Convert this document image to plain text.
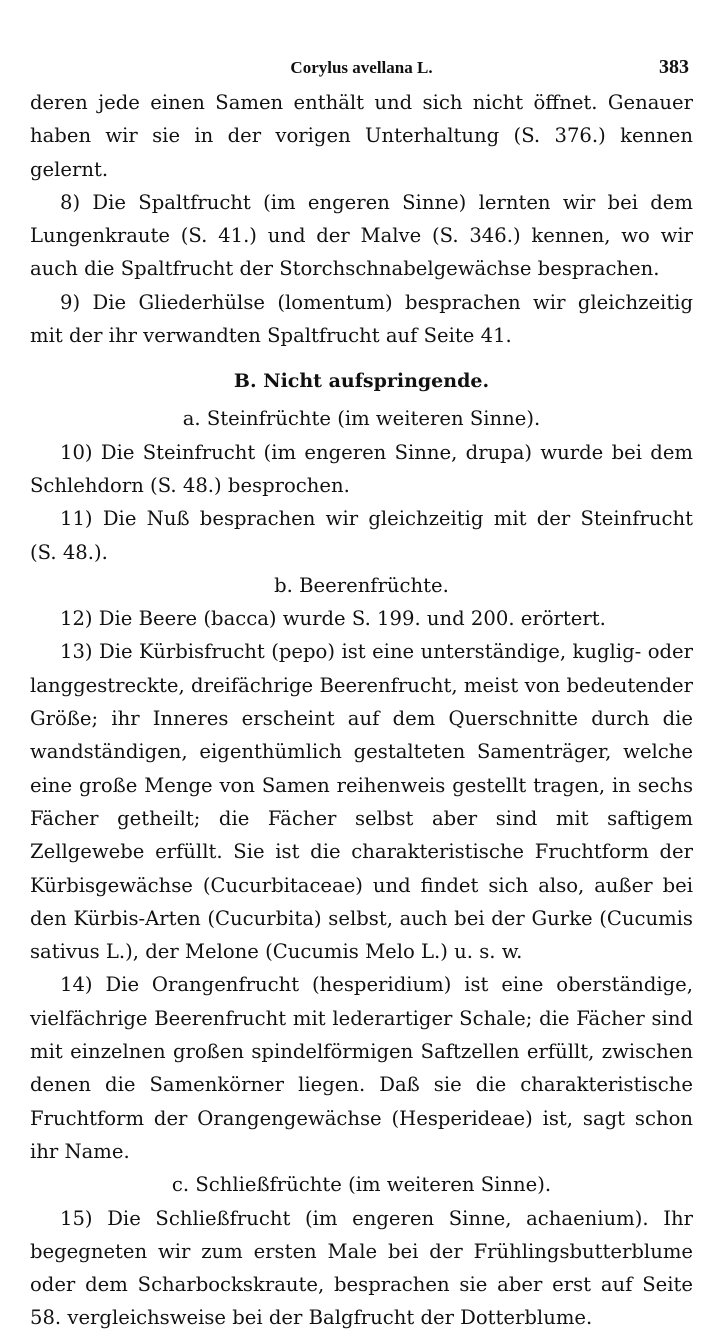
Corylus avellana L.	383

deren jede einen Samen enthält und sich nicht öffnet. Genauer haben wir sie in der vorigen Unterhaltung (S. 376.) kennen gelernt.

8) Die Spaltfrucht (im engeren Sinne) lernten wir bei dem Lungenkraute (S. 41.) und der Malve (S. 346.) kennen, wo wir auch die Spaltfrucht der Storchschnabelgewächse besprachen.

9) Die Gliederhülse (lomentum) besprachen wir gleichzeitig mit der ihr verwandten Spaltfrucht auf Seite 41.

B. Nicht aufspringende.

a. Steinfrüchte (im weiteren Sinne).

10) Die Steinfrucht (im engeren Sinne, drupa) wurde bei dem Schlehdorn (S. 48.) besprochen.

11) Die Nuß besprachen wir gleichzeitig mit der Steinfrucht (S. 48.).

b. Beerenfrüchte.

12) Die Beere (bacca) wurde S. 199. und 200. erörtert.

13) Die Kürbisfrucht (pepo) ist eine unterständige, kuglig- oder langgestreckte, dreifächrige Beerenfrucht, meist von bedeutender Größe; ihr Inneres erscheint auf dem Querschnitte durch die wandständigen, eigenthümlich gestalteten Samenträger, welche eine große Menge von Samen reihenweis gestellt tragen, in sechs Fächer getheilt; die Fächer selbst aber sind mit saftigem Zellgewebe erfüllt. Sie ist die charakteristische Fruchtform der Kürbisgewächse (Cucurbitaceae) und findet sich also, außer bei den Kürbis-Arten (Cucurbita) selbst, auch bei der Gurke (Cucumis sativus L.), der Melone (Cucumis Melo L.) u. s. w.

14) Die Orangenfrucht (hesperidium) ist eine oberständige, vielfächrige Beerenfrucht mit lederartiger Schale; die Fächer sind mit einzelnen großen spindelförmigen Saftzellen erfüllt, zwischen denen die Samenkörner liegen. Daß sie die charakteristische Fruchtform der Orangengewächse (Hesperideae) ist, sagt schon ihr Name.

c. Schließfrüchte (im weiteren Sinne).

15) Die Schließfrucht (im engeren Sinne, achaenium). Ihr begegneten wir zum ersten Male bei der Frühlingsbutterblume oder dem Scharbockskraute, besprachen sie aber erst auf Seite 58. vergleichsweise bei der Balgfrucht der Dotterblume.
